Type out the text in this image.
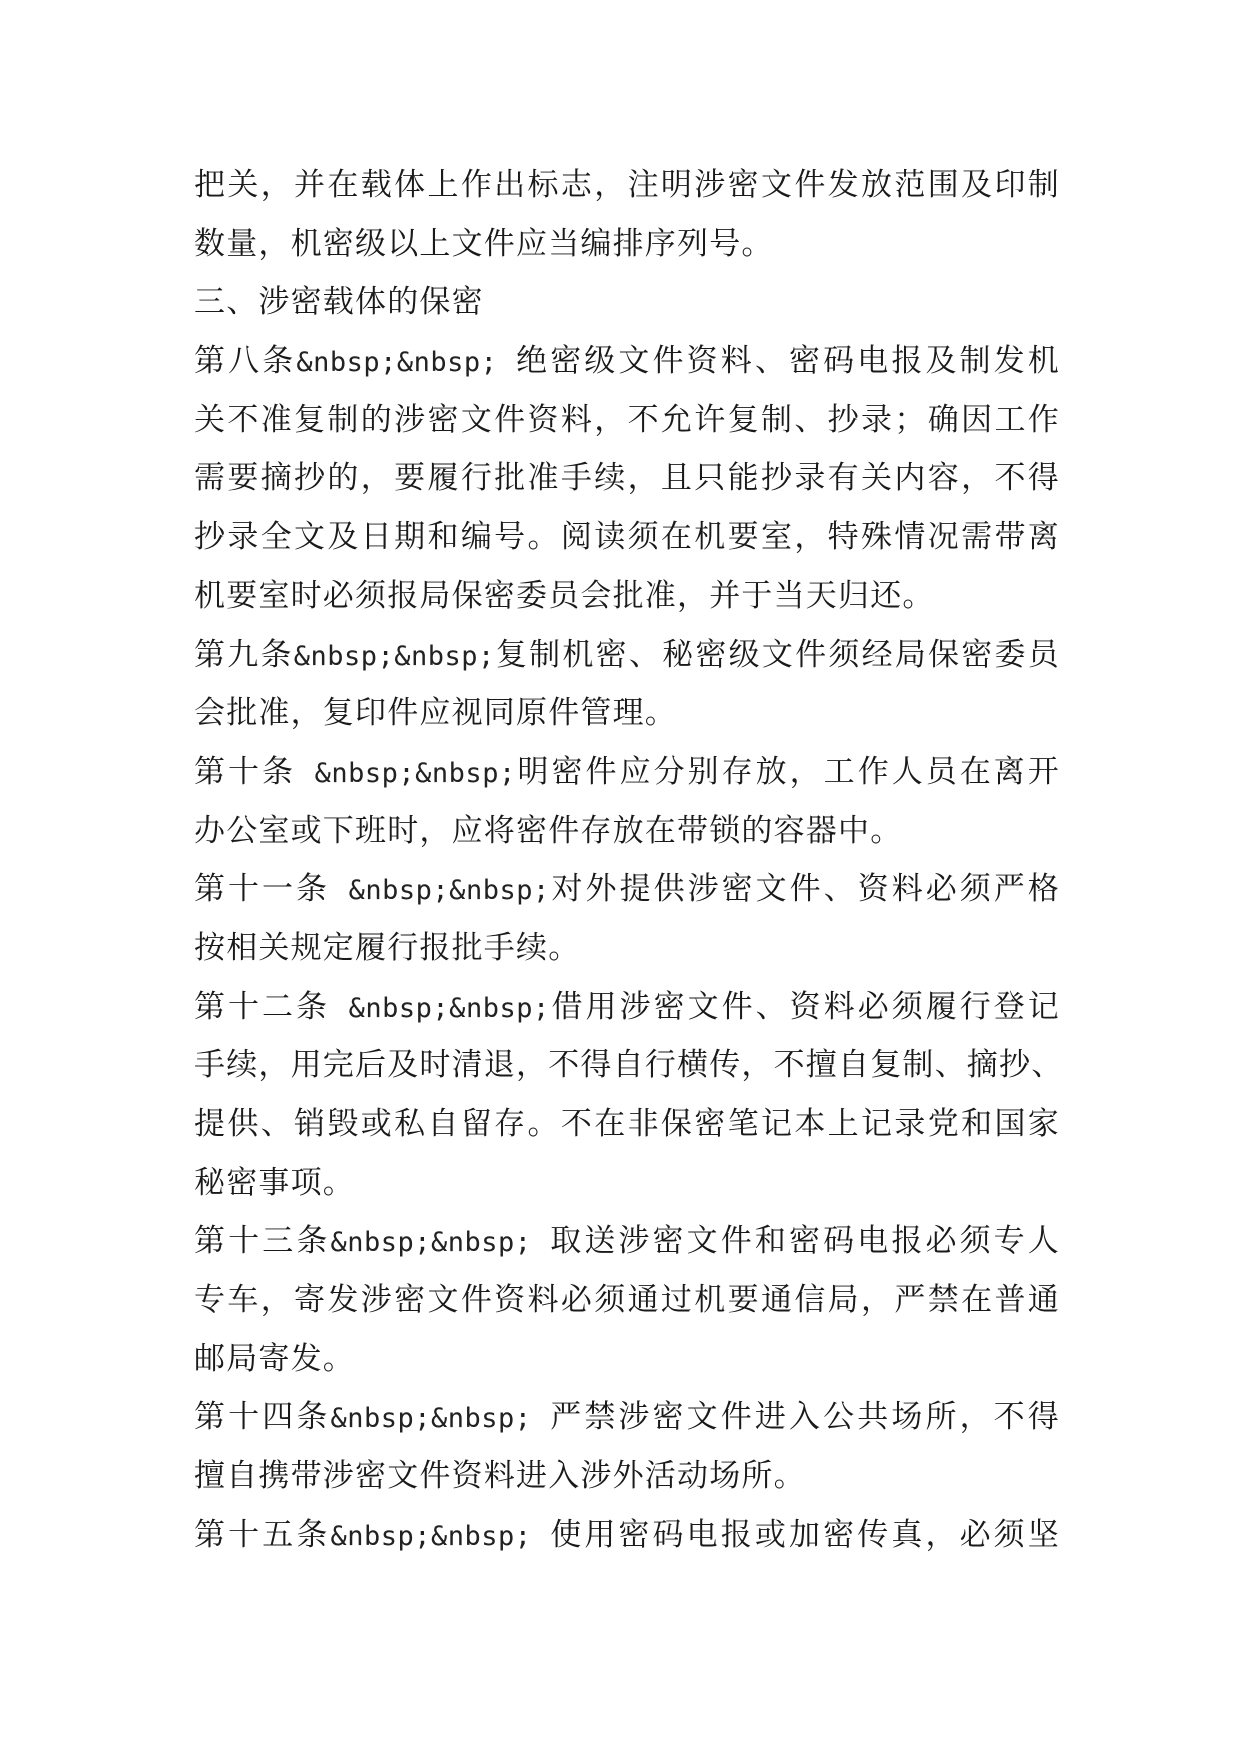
把关，并在载体上作出标志，注明涉密文件发放范围及印制
数量，机密级以上文件应当编排序列号。
三、涉密载体的保密
第八条&nbsp;&nbsp; 绝密级文件资料、密码电报及制发机
关不准复制的涉密文件资料，不允许复制、抄录；确因工作
需要摘抄的，要履行批准手续，且只能抄录有关内容，不得
抄录全文及日期和编号。阅读须在机要室，特殊情况需带离
机要室时必须报局保密委员会批准，并于当天归还。
第九条&nbsp;&nbsp;复制机密、秘密级文件须经局保密委员
会批准，复印件应视同原件管理。
第十条 &nbsp;&nbsp;明密件应分别存放，工作人员在离开
办公室或下班时，应将密件存放在带锁的容器中。
第十一条 &nbsp;&nbsp;对外提供涉密文件、资料必须严格
按相关规定履行报批手续。
第十二条 &nbsp;&nbsp;借用涉密文件、资料必须履行登记
手续，用完后及时清退，不得自行横传，不擅自复制、摘抄、
提供、销毁或私自留存。不在非保密笔记本上记录党和国家
秘密事项。
第十三条&nbsp;&nbsp; 取送涉密文件和密码电报必须专人
专车，寄发涉密文件资料必须通过机要通信局，严禁在普通
邮局寄发。
第十四条&nbsp;&nbsp; 严禁涉密文件进入公共场所，不得
擅自携带涉密文件资料进入涉外活动场所。
第十五条&nbsp;&nbsp; 使用密码电报或加密传真，必须坚
